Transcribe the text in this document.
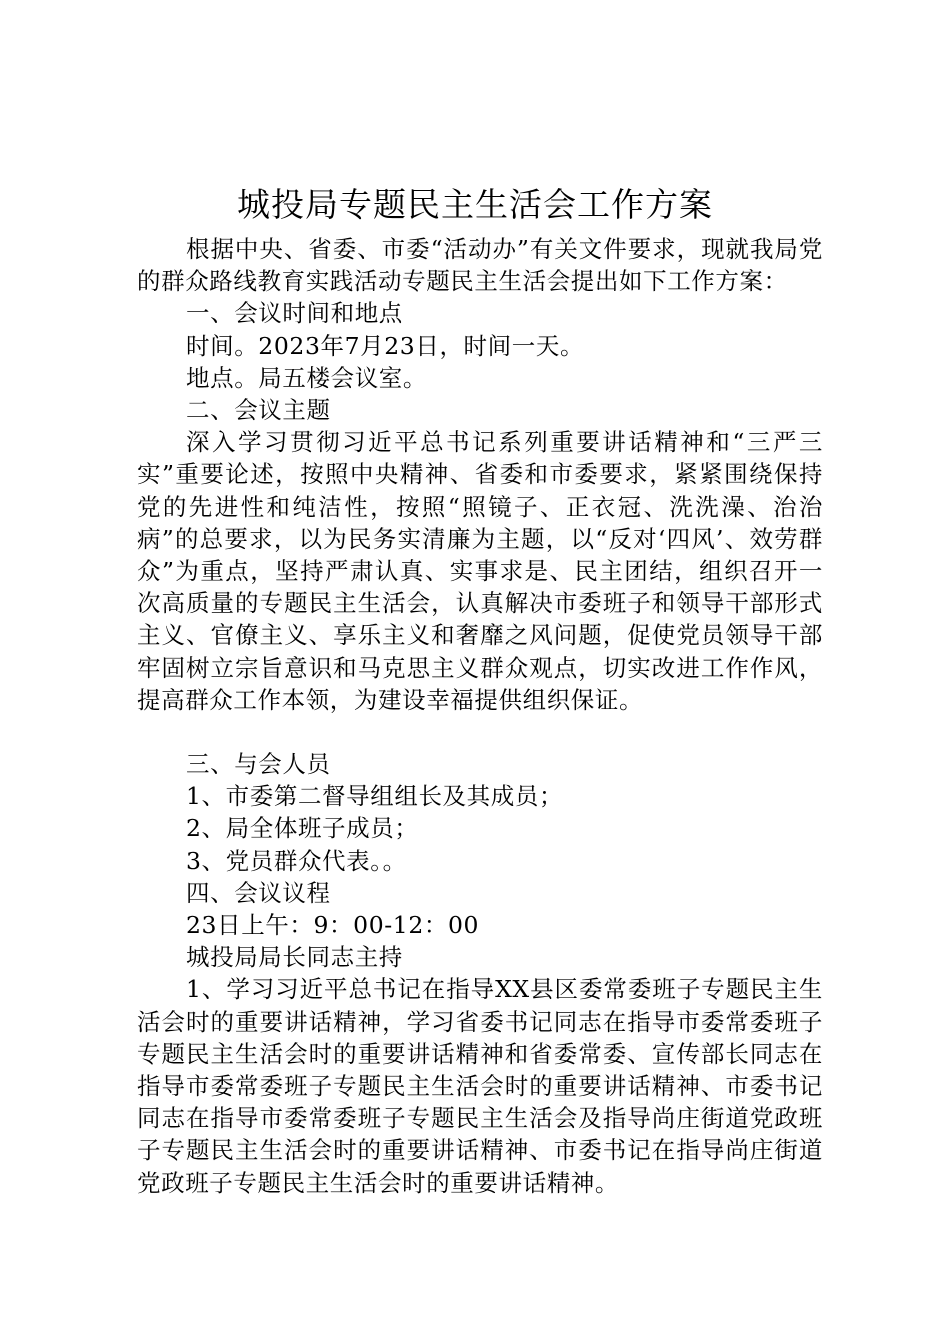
城投局专题民主生活会工作方案

根据中央、省委、市委“活动办”有关文件要求，现就我局党的群众路线教育实践活动专题民主生活会提出如下工作方案：

一、会议时间和地点

时间。2023年7月23日，时间一天。

地点。局五楼会议室。

二、会议主题

深入学习贯彻习近平总书记系列重要讲话精神和“三严三实”重要论述，按照中央精神、省委和市委要求，紧紧围绕保持党的先进性和纯洁性，按照“照镜子、正衣冠、洗洗澡、治治病”的总要求，以为民务实清廉为主题，以“反对‘四风’、效劳群众”为重点，坚持严肃认真、实事求是、民主团结，组织召开一次高质量的专题民主生活会，认真解决市委班子和领导干部形式主义、官僚主义、享乐主义和奢靡之风问题，促使党员领导干部牢固树立宗旨意识和马克思主义群众观点，切实改进工作作风，提高群众工作本领，为建设幸福提供组织保证。

三、与会人员

1、市委第二督导组组长及其成员；

2、局全体班子成员；

3、党员群众代表。。

四、会议议程

23日上午：9：00-12：00

城投局局长同志主持

1、学习习近平总书记在指导XX县区委常委班子专题民主生活会时的重要讲话精神，学习省委书记同志在指导市委常委班子专题民主生活会时的重要讲话精神和省委常委、宣传部长同志在指导市委常委班子专题民主生活会时的重要讲话精神、市委书记同志在指导市委常委班子专题民主生活会及指导尚庄街道党政班子专题民主生活会时的重要讲话精神、市委书记在指导尚庄街道党政班子专题民主生活会时的重要讲话精神。
